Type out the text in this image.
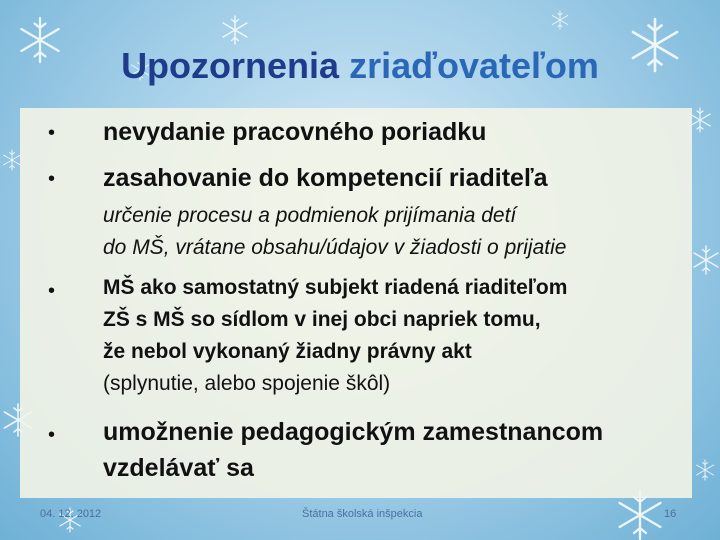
Upozornenia zriaďovateľom
• nevydanie pracovného poriadku
• zasahovanie do kompetencií riaditeľa
určenie procesu a podmienok prijímania detí
do MŠ, vrátane obsahu/údajov v žiadosti o prijatie
• MŠ ako samostatný subjekt riadená riaditeľom
ZŠ s MŠ so sídlom v inej obci napriek tomu,
že nebol vykonaný žiadny právny akt
(splynutie, alebo spojenie škôl)
• umožnenie pedagogickým zamestnancom
vzdelávať sa
04. 12. 2012	Štátna školská inšpekcia	16
